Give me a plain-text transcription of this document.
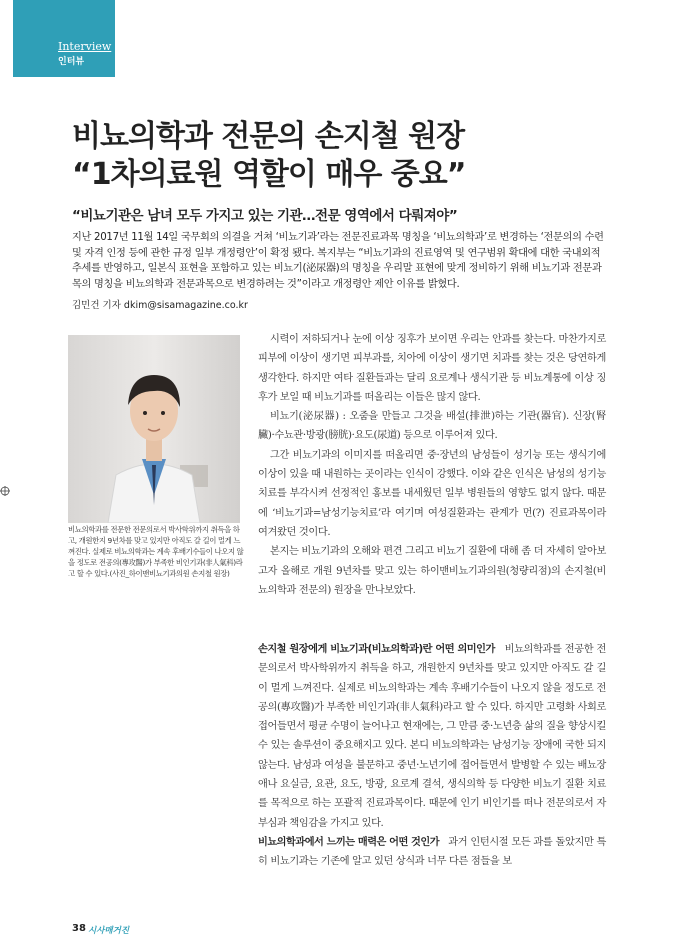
Interview
인터뷰
비뇨의학과 전문의 손지철 원장
“1차의료원 역할이 매우 중요”
“비뇨기관은 남녀 모두 가지고 있는 기관…전문 영역에서 다뤄져야”
지난 2017년 11월 14일 국무회의 의결을 거쳐 ‘비뇨기과’라는 전문진료과목 명칭을 ‘비뇨의학과’로 변경하는 ‘전문의의 수련 및 자격 인정 등에 관한 규정 일부 개정령안’이 확정 됐다. 복지부는 “비뇨기과의 진료영역 및 연구범위 확대에 대한 국내외적 추세를 반영하고, 일본식 표현을 포함하고 있는 비뇨기(泌尿器)의 명칭을 우리말 표현에 맞게 정비하기 위해 비뇨기과 전문과목의 명칭을 비뇨의학과 전문과목으로 변경하려는 것”이라고 개정령안 제안 이유를 밝혔다.
김민건 기자 dkim@sisamagazine.co.kr
비뇨의학과를 전문한 전문의로서 박사학위까지 취득을 하고, 개원한지 9년차를 맞고 있지만 아직도 갈 길이 멀게 느껴진다. 실제로 비뇨의학과는 계속 후배기수들이 나오지 않을 정도로 전공의(專攻醫)가 부족한 비인기과(非人氣科)라고 할 수 있다.(사진_하이맨비뇨기과의원 손지철 원장)

시력이 저하되거나 눈에 이상 징후가 보이면 우리는 안과를 찾는다. 마찬가지로 피부에 이상이 생기면 피부과를, 치아에 이상이 생기면 치과를 찾는 것은 당연하게 생각한다. 하지만 여타 질환들과는 달리 요로계나 생식기관 등 비뇨계통에 이상 징후가 보일 때 비뇨기과를 떠올리는 이들은 많지 않다.

비뇨기(泌尿器) : 오줌을 만들고 그것을 배설(排泄)하는 기관(器官). 신장(腎臟)·수뇨관·방광(膀胱)·요도(尿道) 등으로 이루어져 있다.

그간 비뇨기과의 이미지를 떠올리면 중·장년의 남성들이 성기능 또는 생식기에 이상이 있을 때 내원하는 곳이라는 인식이 강했다. 이와 같은 인식은 남성의 성기능 치료를 부각시켜 선정적인 홍보를 내세웠던 일부 병원들의 영향도 없지 않다. 때문에 ‘비뇨기과=남성기능치료’라 여기며 여성질환과는 관계가 먼(?) 진료과목이라 여겨왔던 것이다.

본지는 비뇨기과의 오해와 편견 그리고 비뇨기 질환에 대해 좀 더 자세히 알아보고자 올해로 개원 9년차를 맞고 있는 하이맨비뇨기과의원(청량리점)의 손지철(비뇨의학과 전문의) 원장을 만나보았다.

손지철 원장에게 비뇨기과(비뇨의학과)란 어떤 의미인가 비뇨의학과를 전공한 전문의로서 박사학위까지 취득을 하고, 개원한지 9년차를 맞고 있지만 아직도 갈 길이 멀게 느껴진다. 실제로 비뇨의학과는 계속 후배기수들이 나오지 않을 정도로 전공의(專攻醫)가 부족한 비인기과(非人氣科)라고 할 수 있다. 하지만 고령화 사회로 접어들면서 평균 수명이 늘어나고 현재에는, 그 만큼 중·노년층 삶의 질을 향상시킬 수 있는 솔루션이 중요해지고 있다. 본디 비뇨의학과는 남성기능 장애에 국한 되지 않는다. 남성과 여성을 불문하고 중년·노년기에 접어들면서 발병할 수 있는 배뇨장애나 요실금, 요관, 요도, 방광, 요로계 결석, 생식의학 등 다양한 비뇨기 질환 치료를 목적으로 하는 포괄적 진료과목이다. 때문에 인기 비인기를 떠나 전문의로서 자부심과 책임감을 가지고 있다.

비뇨의학과에서 느끼는 매력은 어떤 것인가 과거 인턴시절 모든 과를 돌았지만 특히 비뇨기과는 기존에 알고 있던 상식과 너무 다른 점들을 보

38 시사매거진
